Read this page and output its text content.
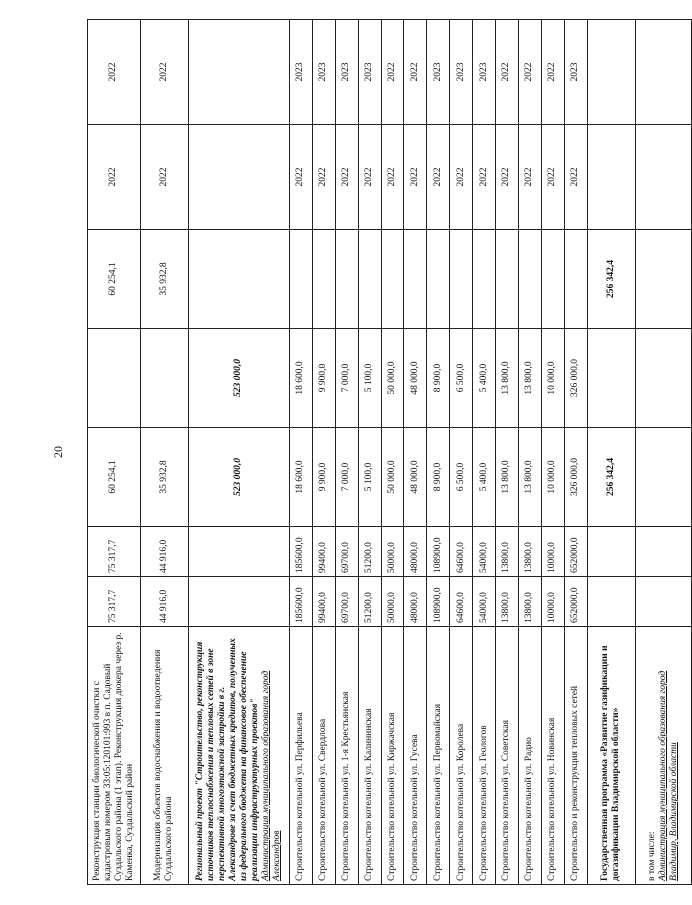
20
Реконструкция станции биологической очистки с кадастровым номером 33:05:120101:993 в п. Садовый Суздальского района (1 этап). Реконструкция дюкера через р. Каменка, Суздальский район	75 317,7	75 317,7	60 254,1		60 254,1	2022	2022
Модернизация объектов водоснабжения и водоотведения Суздальского района	44 916,0	44 916,0	35 932,8		35 932,8	2022	2022
Региональный проект "Строительство, реконструкция источников теплоснабжения и тепловых сетей в зоне перспективной многоэтажной застройки в г. Александрове за счет бюджетных кредитов, полученных из федерального бюджета на финансовое обеспечение реализации инфраструктурных проектов"
Администрация муниципального образования город Александров			523 000,0	523 000,0			
Строительство котельной ул. Перфильева	185600,0	185600,0	18 600,0	18 600,0		2022	2023
Строительство котельной ул. Свердлова	99400,0	99400,0	9 900,0	9 900,0		2022	2023
Строительство котельной ул. 1-я Крестьянская	69700,0	69700,0	7 000,0	7 000,0		2022	2023
Строительство котельной ул. Калининская	51200,0	51200,0	5 100,0	5 100,0		2022	2023
Строительство котельной ул. Киржачская	50000,0	50000,0	50 000,0	50 000,0		2022	2022
Строительство котельной ул. Гусева	48000,0	48000,0	48 000,0	48 000,0		2022	2022
Строительство котельной ул. Первомайская	108900,0	108900,0	8 900,0	8 900,0		2022	2023
Строительство котельной ул. Королева	64600,0	64600,0	6 500,0	6 500,0		2022	2023
Строительство котельной ул. Геологов	54000,0	54000,0	5 400,0	5 400,0		2022	2023
Строительство котельной ул. Советская	13800,0	13800,0	13 800,0	13 800,0		2022	2022
Строительство котельной ул. Радио	13800,0	13800,0	13 800,0	13 800,0		2022	2022
Строительство котельной ул. Новинская	10000,0	10000,0	10 000,0	10 000,0		2022	2022
Строительство и реконструкция тепловых сетей	652000,0	652000,0	326 000,0	326 000,0		2022	2023
Государственная программа «Развитие газификации и догазификации Владимирской области»			256 342,4		256 342,4		
в том числе:
Администрация муниципального образования город Владимир, Владимирской области							
